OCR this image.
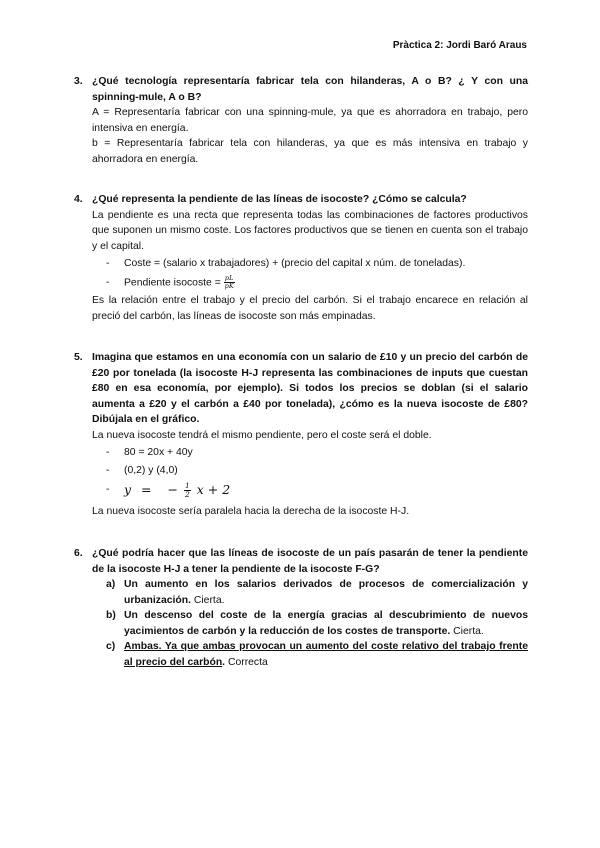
Pràctica 2: Jordi Baró Araus
3. ¿Qué tecnología representaría fabricar tela con hilanderas, A o B? ¿ Y con una spinning-mule, A o B?
A = Representaría fabricar con una spinning-mule, ya que es ahorradora en trabajo, pero intensiva en energía.
b = Representaría fabricar tela con hilanderas, ya que es más intensiva en trabajo y ahorradora en energía.
4. ¿Qué representa la pendiente de las líneas de isocoste? ¿Cómo se calcula?
La pendiente es una recta que representa todas las combinaciones de factores productivos que suponen un mismo coste. Los factores productivos que se tienen en cuenta son el trabajo y el capital.
- Coste = (salario x trabajadores) + (precio del capital x núm. de toneladas).
- Pendiente isocoste = $\frac{pL}{pK}$
Es la relación entre el trabajo y el precio del carbón. Si el trabajo encarece en relación al preció del carbón, las líneas de isocoste son más empinadas.
5. Imagina que estamos en una economía con un salario de £10 y un precio del carbón de £20 por tonelada (la isocoste H-J representa las combinaciones de inputs que cuestan £80 en esa economía, por ejemplo). Si todos los precios se doblan (si el salario aumenta a £20 y el carbón a £40 por tonelada), ¿cómo es la nueva isocoste de £80? Dibújala en el gráfico.
La nueva isocoste tendrá el mismo pendiente, pero el coste será el doble.
- 80 = 20x + 40y
- (0,2) y (4,0)
- y = − $\frac{1}{2}$ x + 2
La nueva isocoste sería paralela hacia la derecha de la isocoste H-J.
6. ¿Qué podría hacer que las líneas de isocoste de un país pasarán de tener la pendiente de la isocoste H-J a tener la pendiente de la isocoste F-G?
a) Un aumento en los salarios derivados de procesos de comercialización y urbanización. Cierta.
b) Un descenso del coste de la energía gracias al descubrimiento de nuevos yacimientos de carbón y la reducción de los costes de transporte. Cierta.
c) Ambas. Ya que ambas provocan un aumento del coste relativo del trabajo frente al precio del carbón. Correcta
